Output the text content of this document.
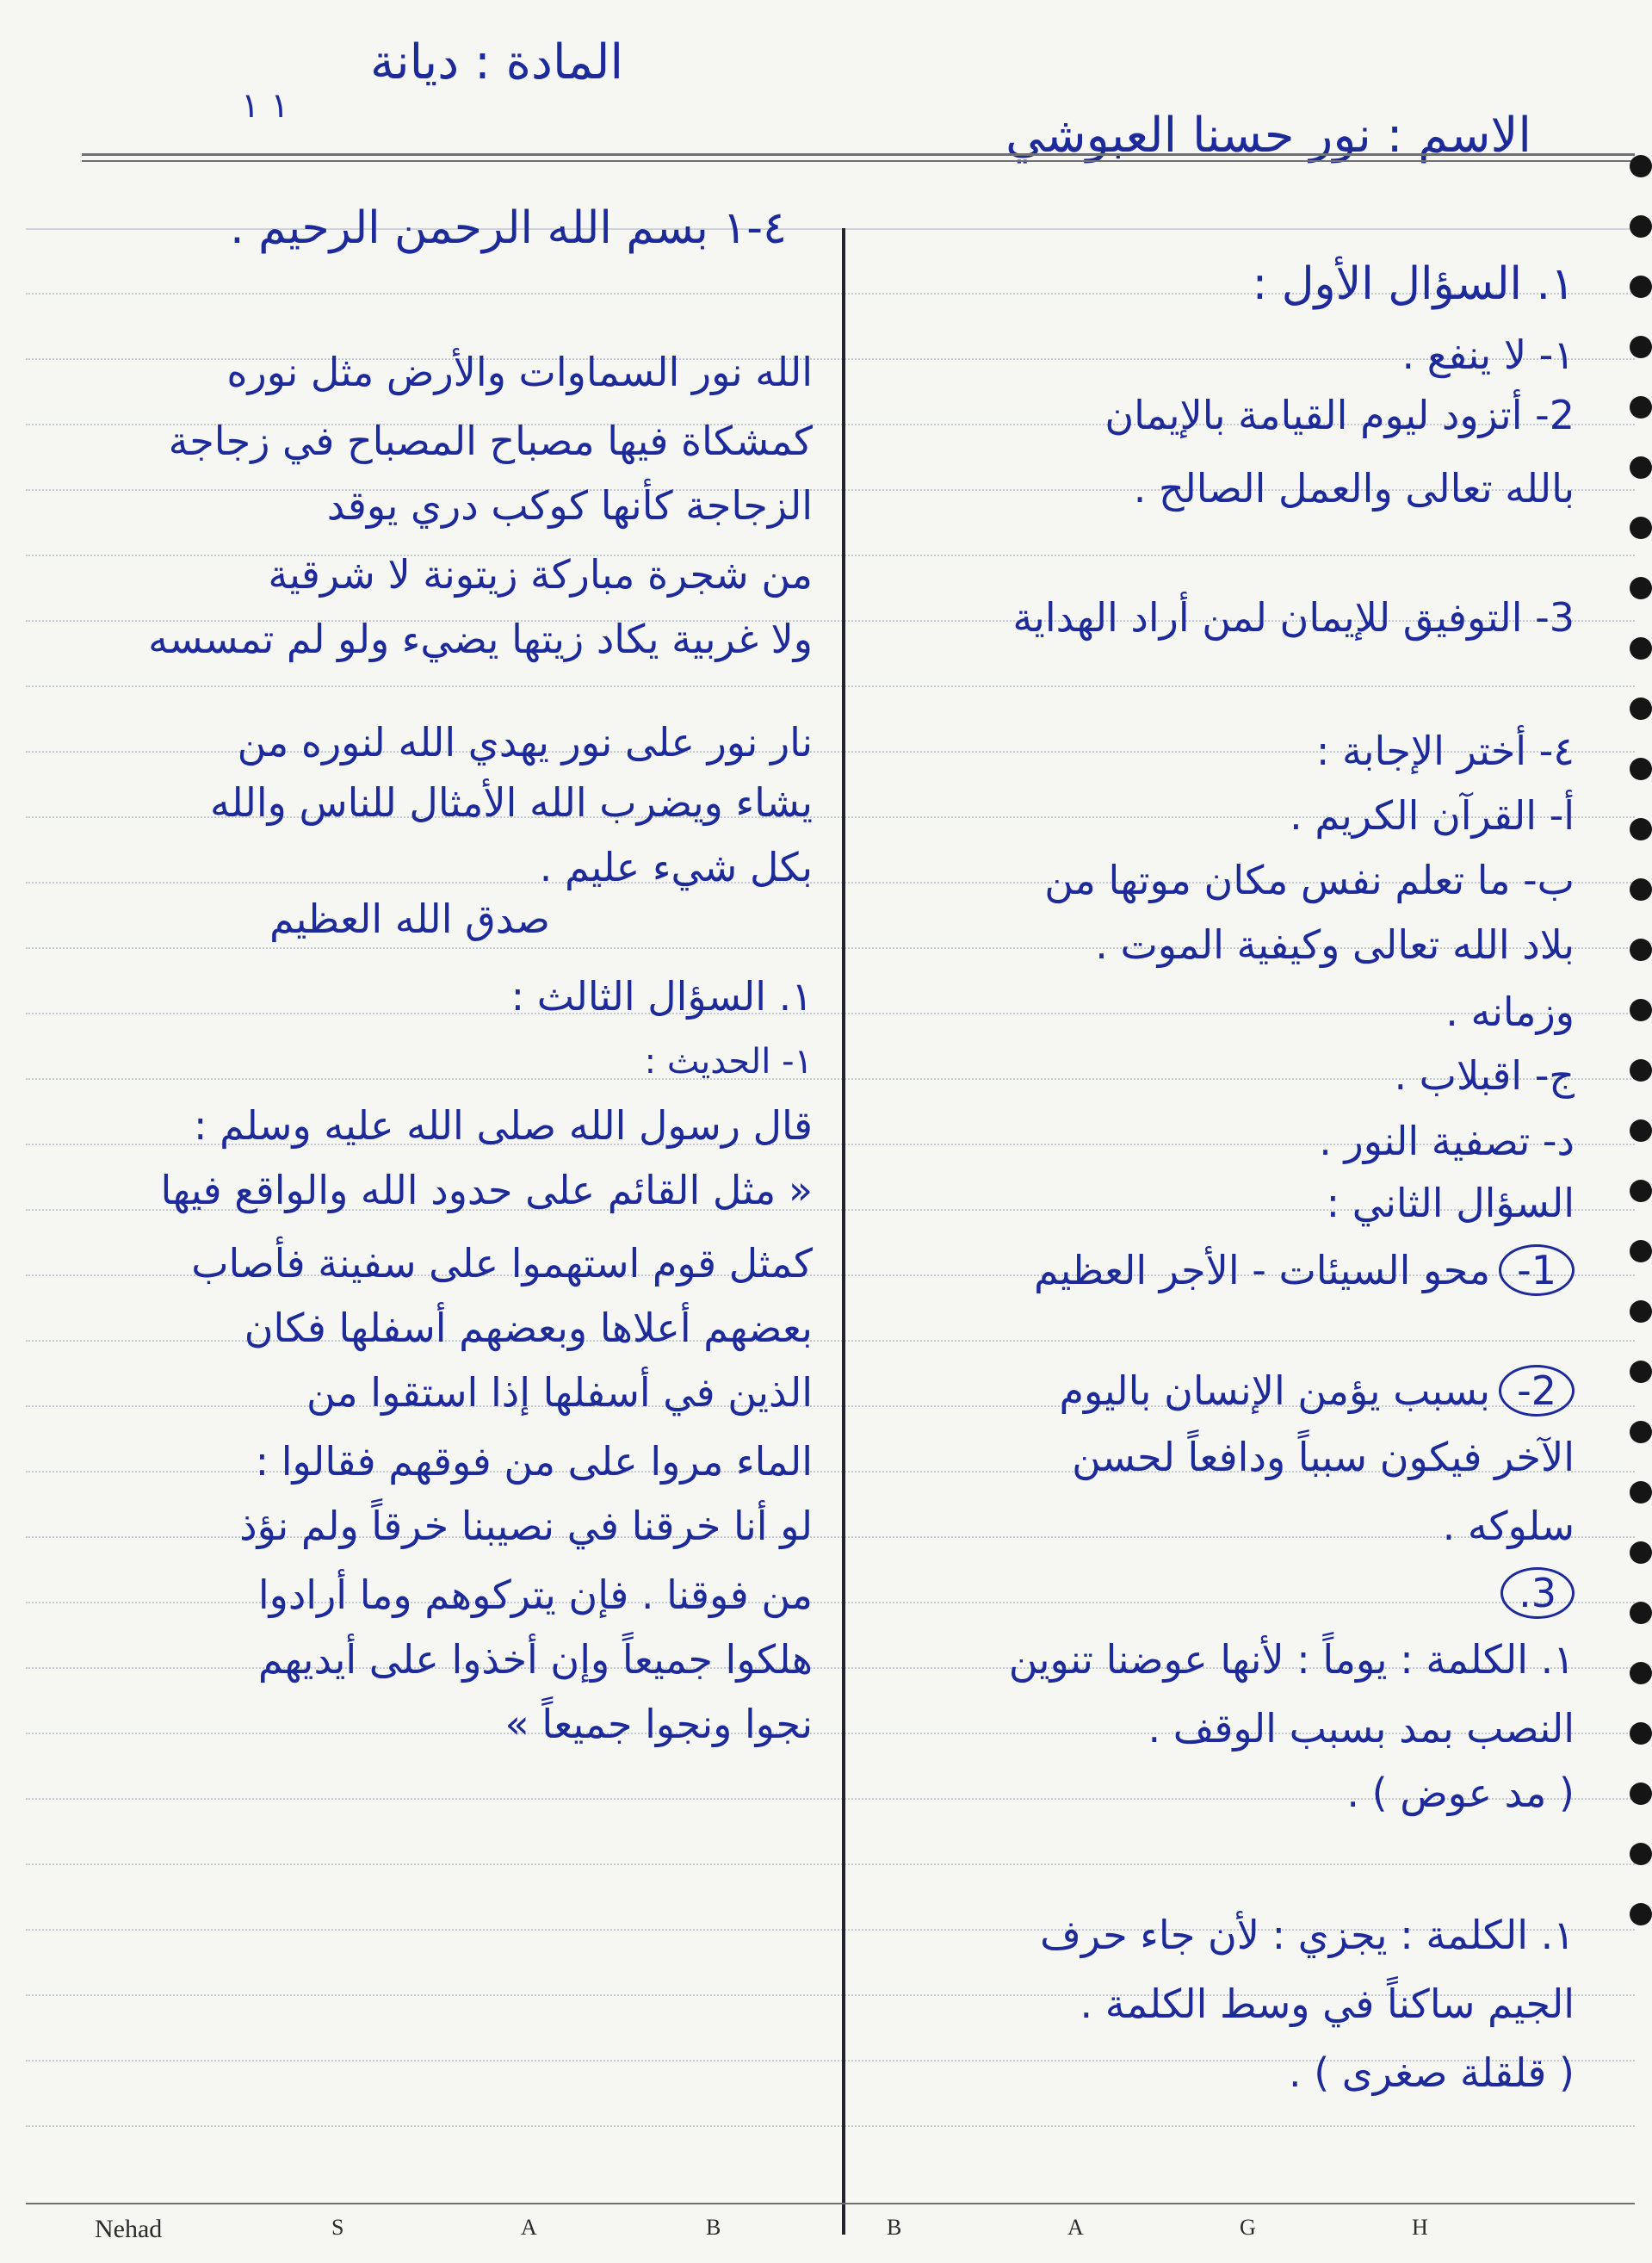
المادة : ديانة
١ ١
الاسم : نور حسنا العبوشي
١. السؤال الأول :
١- لا ينفع .
2- أتزود ليوم القيامة بالإيمان
بالله تعالى والعمل الصالح .
3- التوفيق للإيمان لمن أراد الهداية
٤- أختر الإجابة :
أ- القرآن الكريم .
ب- ما تعلم نفس مكان موتها من
بلاد الله تعالى وكيفية الموت .
وزمانه .
ج- اقبلاب .
د- تصفية النور .
السؤال الثاني :
1-محو السيئات - الأجر العظيم
2-بسبب يؤمن الإنسان باليوم
الآخر فيكون سبباً ودافعاً لحسن
سلوكه .
3.
١. الكلمة : يوماً : لأنها عوضنا تنوين
النصب بمد بسبب الوقف .
( مد عوض ) .
١. الكلمة : يجزي : لأن جاء حرف
الجيم ساكناً في وسط الكلمة .
( قلقلة صغرى ) .
٤-١ بسم الله الرحمن الرحيم .
الله نور السماوات والأرض مثل نوره
كمشكاة فيها مصباح المصباح في زجاجة
الزجاجة كأنها كوكب دري يوقد
من شجرة مباركة زيتونة لا شرقية
ولا غربية يكاد زيتها يضيء ولو لم تمسسه
نار نور على نور يهدي الله لنوره من
يشاء ويضرب الله الأمثال للناس والله
بكل شيء عليم .
صدق الله العظيم
١. السؤال الثالث :
١- الحديث :
قال رسول الله صلى الله عليه وسلم :
« مثل القائم على حدود الله والواقع فيها
كمثل قوم استهموا على سفينة فأصاب
بعضهم أعلاها وبعضهم أسفلها فكان
الذين في أسفلها إذا استقوا من
الماء مروا على من فوقهم فقالوا :
لو أنا خرقنا في نصيبنا خرقاً ولم نؤذ
من فوقنا . فإن يتركوهم وما أرادوا
هلكوا جميعاً وإن أخذوا على أيديهم
نجوا ونجوا جميعاً »
Nehad	S	A	B	B	A	G	H
